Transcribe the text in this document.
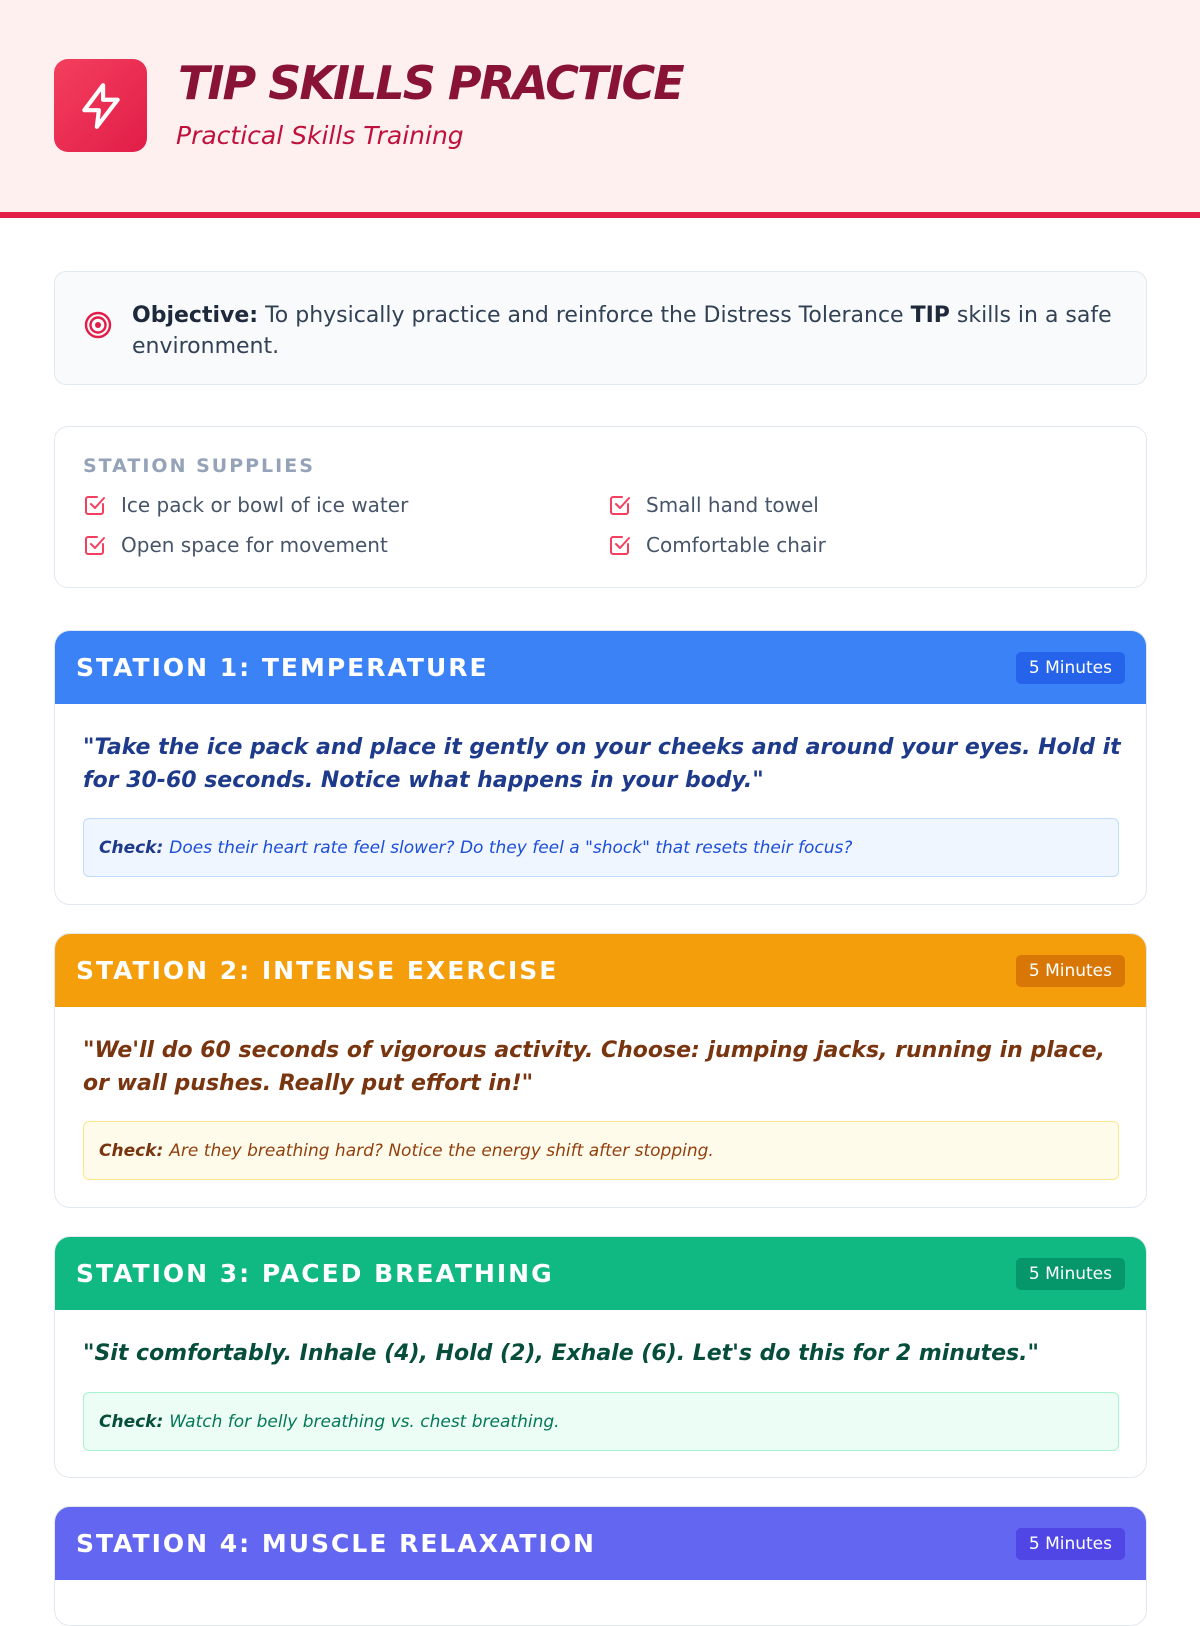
TIP SKILLS PRACTICE
Practical Skills Training
Objective: To physically practice and reinforce the Distress Tolerance TIP skills in a safe environment.
STATION SUPPLIES
Ice pack or bowl of ice water	Small hand towel
Open space for movement	Comfortable chair
STATION 1: TEMPERATURE	5 Minutes
"Take the ice pack and place it gently on your cheeks and around your eyes. Hold it for 30-60 seconds. Notice what happens in your body."
Check: Does their heart rate feel slower? Do they feel a "shock" that resets their focus?
STATION 2: INTENSE EXERCISE	5 Minutes
"We'll do 60 seconds of vigorous activity. Choose: jumping jacks, running in place, or wall pushes. Really put effort in!"
Check: Are they breathing hard? Notice the energy shift after stopping.
STATION 3: PACED BREATHING	5 Minutes
"Sit comfortably. Inhale (4), Hold (2), Exhale (6). Let's do this for 2 minutes."
Check: Watch for belly breathing vs. chest breathing.
STATION 4: MUSCLE RELAXATION	5 Minutes
